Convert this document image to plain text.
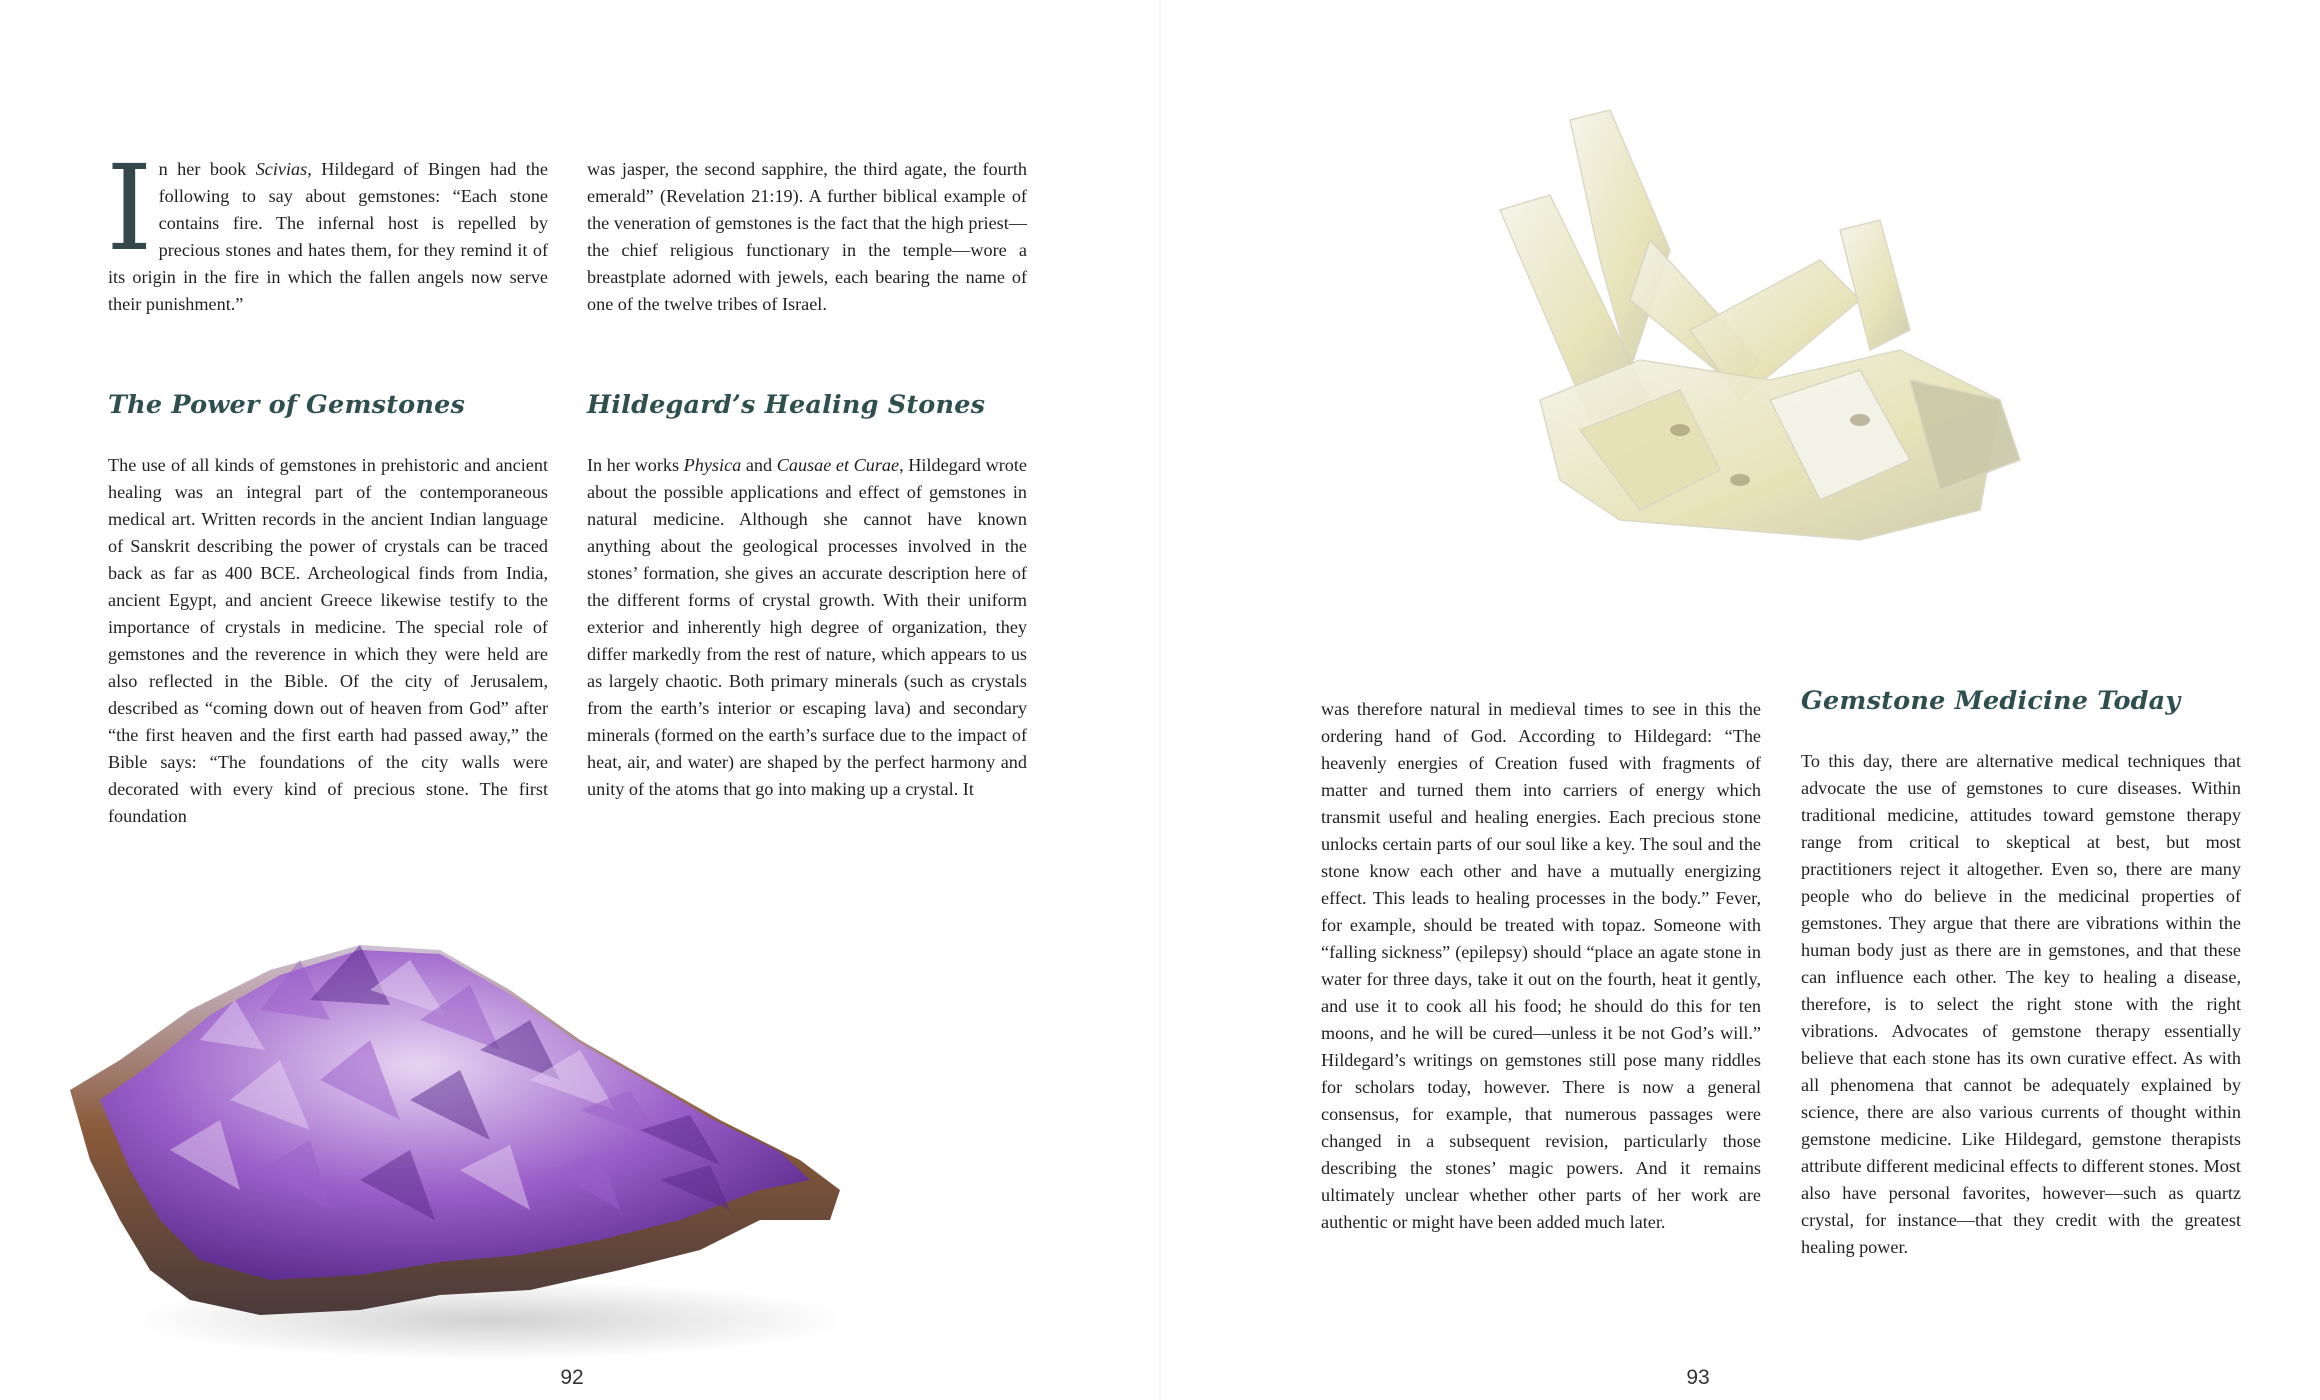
In her book Scivias, Hildegard of Bingen had the following to say about gemstones: “Each stone contains fire. The infernal host is repelled by precious stones and hates them, for they remind it of its origin in the fire in which the fallen angels now serve their punishment.”

was jasper, the second sapphire, the third agate, the fourth emerald” (Revelation 21:19). A further biblical example of the veneration of gemstones is the fact that the high priest—the chief religious functionary in the temple—wore a breastplate adorned with jewels, each bearing the name of one of the twelve tribes of Israel.

The Power of Gemstones	Hildegard’s Healing Stones

The use of all kinds of gemstones in prehistoric and ancient healing was an integral part of the contemporaneous medical art. Written records in the ancient Indian language of Sanskrit describing the power of crystals can be traced back as far as 400 BCE. Archeological finds from India, ancient Egypt, and ancient Greece likewise testify to the importance of crystals in medicine. The special role of gemstones and the reverence in which they were held are also reflected in the Bible. Of the city of Jerusalem, described as “coming down out of heaven from God” after “the first heaven and the first earth had passed away,” the Bible says: “The foundations of the city walls were decorated with every kind of precious stone. The first foundation

In her works Physica and Causae et Curae, Hildegard wrote about the possible applications and effect of gemstones in natural medicine. Although she cannot have known anything about the geological processes involved in the stones’ formation, she gives an accurate description here of the different forms of crystal growth. With their uniform exterior and inherently high degree of organization, they differ markedly from the rest of nature, which appears to us as largely chaotic. Both primary minerals (such as crystals from the earth’s interior or escaping lava) and secondary minerals (formed on the earth’s surface due to the impact of heat, air, and water) are shaped by the perfect harmony and unity of the atoms that go into making up a crystal. It

92

was therefore natural in medieval times to see in this the ordering hand of God. According to Hildegard: “The heavenly energies of Creation fused with fragments of matter and turned them into carriers of energy which transmit useful and healing energies. Each precious stone unlocks certain parts of our soul like a key. The soul and the stone know each other and have a mutually energizing effect. This leads to healing processes in the body.” Fever, for example, should be treated with topaz. Someone with “falling sickness” (epilepsy) should “place an agate stone in water for three days, take it out on the fourth, heat it gently, and use it to cook all his food; he should do this for ten moons, and he will be cured—unless it be not God’s will.” Hildegard’s writings on gemstones still pose many riddles for scholars today, however. There is now a general consensus, for example, that numerous passages were changed in a subsequent revision, particularly those describing the stones’ magic powers. And it remains ultimately unclear whether other parts of her work are authentic or might have been added much later.

Gemstone Medicine Today

To this day, there are alternative medical techniques that advocate the use of gemstones to cure diseases. Within traditional medicine, attitudes toward gemstone therapy range from critical to skeptical at best, but most practitioners reject it altogether. Even so, there are many people who do believe in the medicinal properties of gemstones. They argue that there are vibrations within the human body just as there are in gemstones, and that these can influence each other. The key to healing a disease, therefore, is to select the right stone with the right vibrations. Advocates of gemstone therapy essentially believe that each stone has its own curative effect. As with all phenomena that cannot be adequately explained by science, there are also various currents of thought within gemstone medicine. Like Hildegard, gemstone therapists attribute different medicinal effects to different stones. Most also have personal favorites, however—such as quartz crystal, for instance—that they credit with the greatest healing power.

93
